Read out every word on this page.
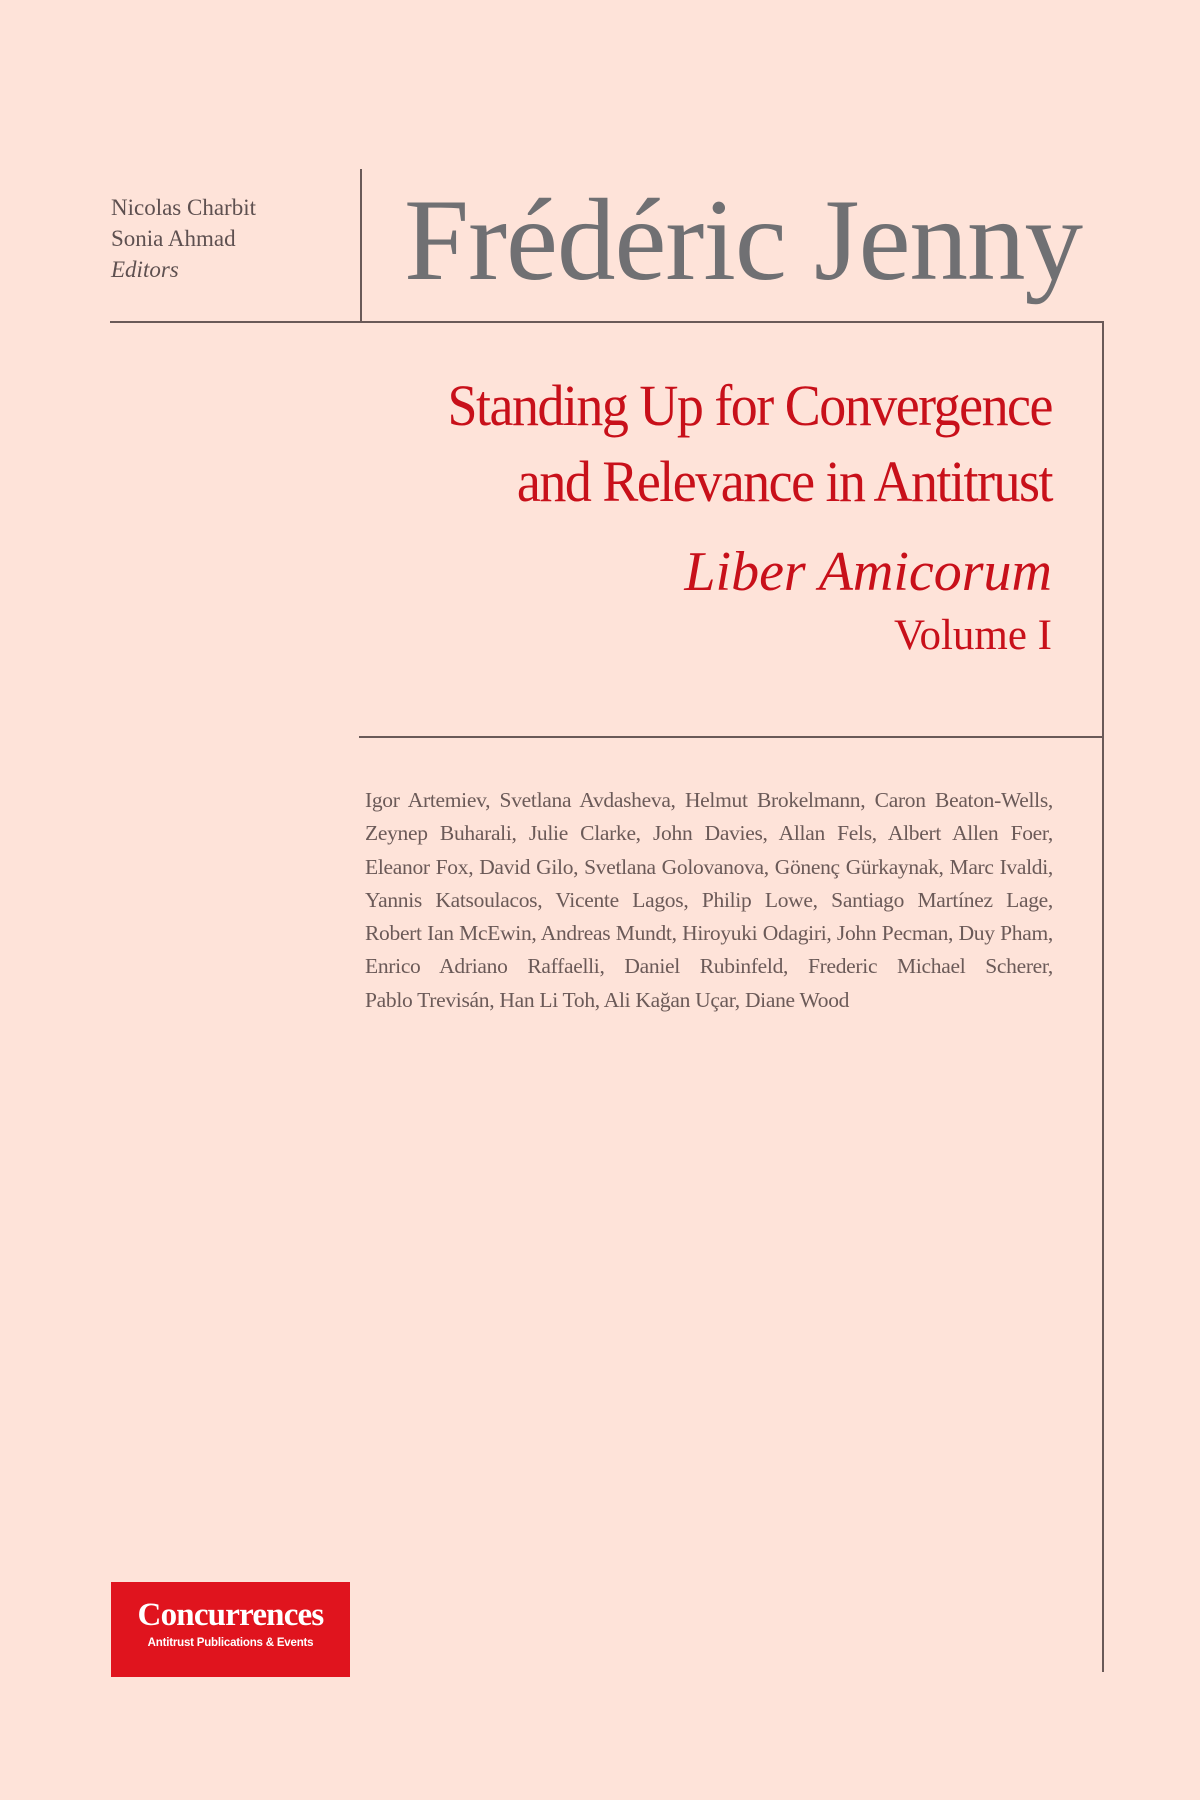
Nicolas Charbit
Sonia Ahmad
Editors	Frédéric Jenny
Standing Up for Convergence
and Relevance in Antitrust
Liber Amicorum
Volume I
Igor Artemiev, Svetlana Avdasheva, Helmut Brokelmann, Caron Beaton-Wells,
Zeynep Buharali, Julie Clarke, John Davies, Allan Fels, Albert Allen Foer,
Eleanor Fox, David Gilo, Svetlana Golovanova, Gönenç Gürkaynak, Marc Ivaldi,
Yannis Katsoulacos, Vicente Lagos, Philip Lowe, Santiago Martínez Lage,
Robert Ian McEwin, Andreas Mundt, Hiroyuki Odagiri, John Pecman, Duy Pham,
Enrico Adriano Raffaelli, Daniel Rubinfeld, Frederic Michael Scherer,
Pablo Trevisán, Han Li Toh, Ali Kağan Uçar, Diane Wood
Concurrences
Antitrust Publications & Events
